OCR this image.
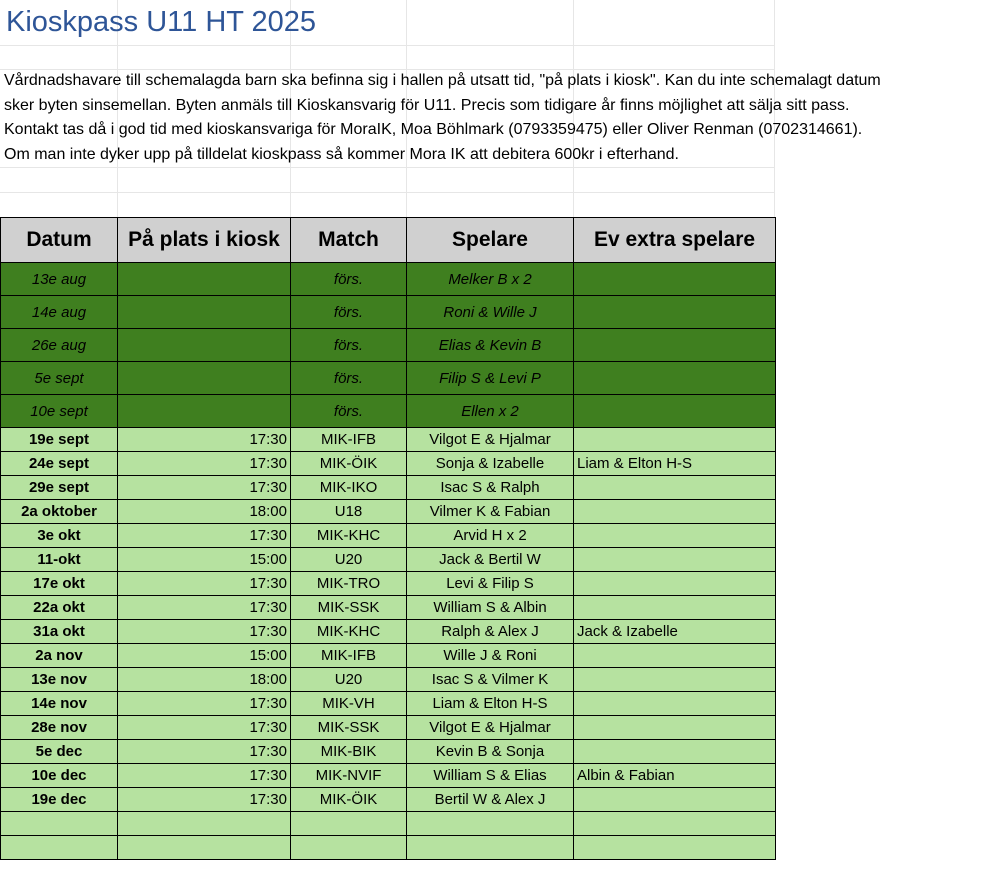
Kioskpass U11 HT 2025
Vårdnadshavare till schemalagda barn ska befinna sig i hallen på utsatt tid, "på plats i kiosk". Kan du inte schemalagt datum
sker byten sinsemellan. Byten anmäls till Kioskansvarig för U11. Precis som tidigare år finns möjlighet att sälja sitt pass.
Kontakt tas då i god tid med kioskansvariga för MoraIK, Moa Böhlmark (0793359475) eller Oliver Renman (0702314661).
Om man inte dyker upp på tilldelat kioskpass så kommer Mora IK att debitera 600kr i efterhand.
Datum	På plats i kiosk	Match	Spelare	Ev extra spelare
13e aug		förs.	Melker B x 2	
14e aug		förs.	Roni & Wille J	
26e aug		förs.	Elias & Kevin B	
5e sept		förs.	Filip S & Levi P	
10e sept		förs.	Ellen x 2	
19e sept	17:30	MIK-IFB	Vilgot E & Hjalmar	
24e sept	17:30	MIK-ÖIK	Sonja & Izabelle	Liam & Elton H-S
29e sept	17:30	MIK-IKO	Isac S & Ralph	
2a oktober	18:00	U18	Vilmer K & Fabian	
3e okt	17:30	MIK-KHC	Arvid H x 2	
11-okt	15:00	U20	Jack & Bertil W	
17e okt	17:30	MIK-TRO	Levi & Filip S	
22a okt	17:30	MIK-SSK	William S & Albin	
31a okt	17:30	MIK-KHC	Ralph & Alex J	Jack & Izabelle
2a nov	15:00	MIK-IFB	Wille J & Roni	
13e nov	18:00	U20	Isac S & Vilmer K	
14e nov	17:30	MIK-VH	Liam & Elton H-S	
28e nov	17:30	MIK-SSK	Vilgot E & Hjalmar	
5e dec	17:30	MIK-BIK	Kevin B & Sonja	
10e dec	17:30	MIK-NVIF	William S & Elias	Albin & Fabian
19e dec	17:30	MIK-ÖIK	Bertil W & Alex J	
